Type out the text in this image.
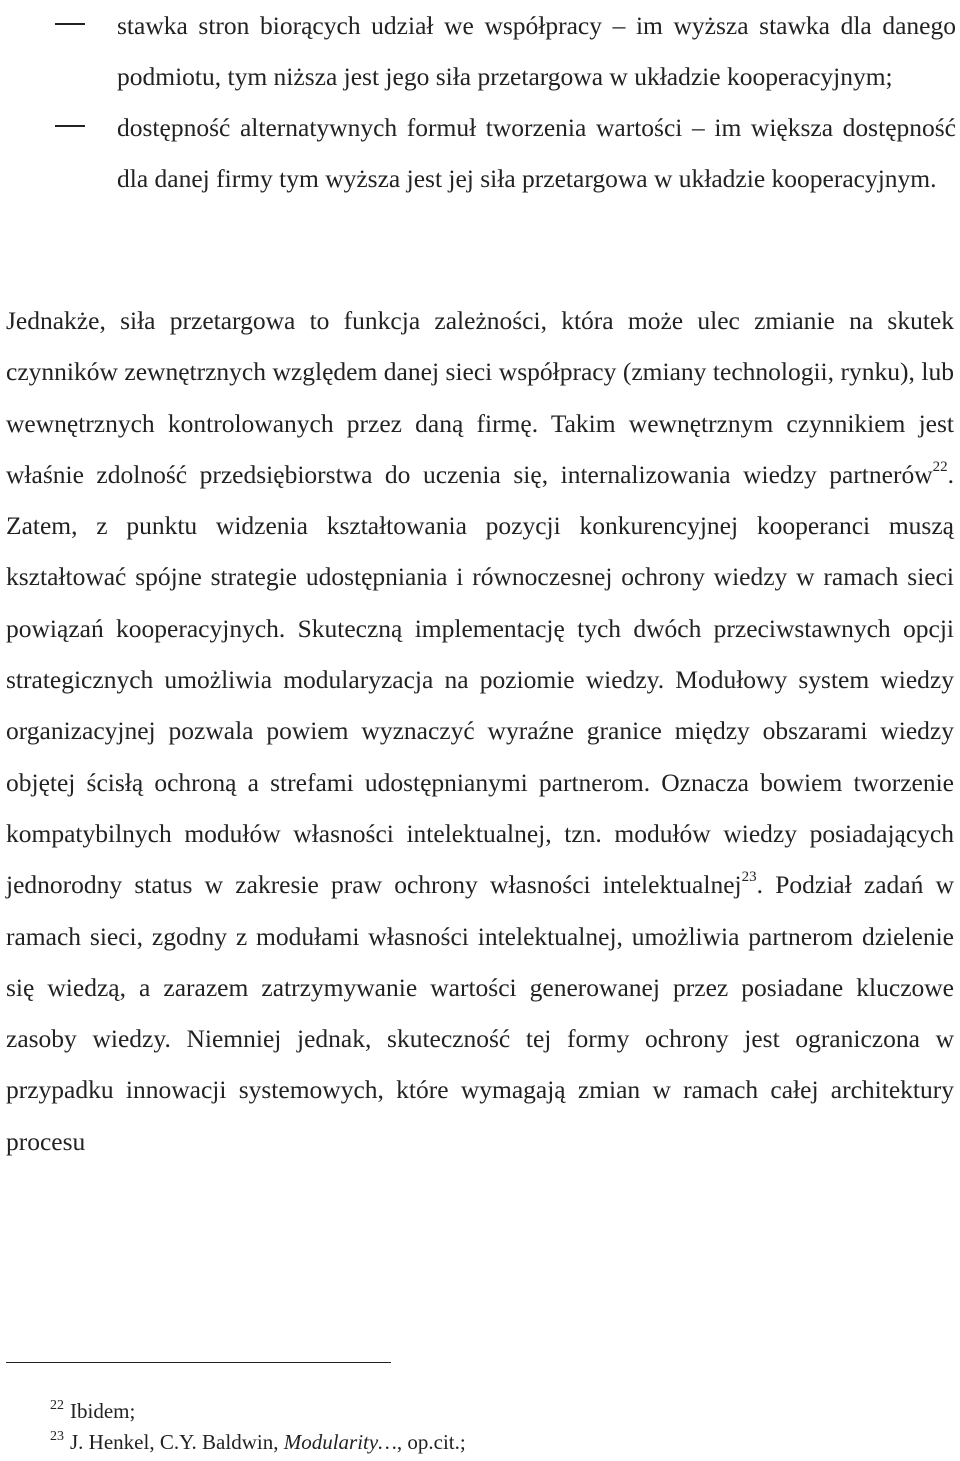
stawka stron biorących udział we współpracy – im wyższa stawka dla danego podmiotu, tym niższa jest jego siła przetargowa w układzie kooperacyjnym;
dostępność alternatywnych formuł tworzenia wartości – im większa dostępność dla danej firmy tym wyższa jest jej siła przetargowa w układzie kooperacyjnym.

Jednakże, siła przetargowa to funkcja zależności, która może ulec zmianie na skutek czynników zewnętrznych względem danej sieci współpracy (zmiany technologii, rynku), lub wewnętrznych kontrolowanych przez daną firmę. Takim wewnętrznym czynnikiem jest właśnie zdolność przedsiębiorstwa do uczenia się, internalizowania wiedzy partnerów$^{22}$. Zatem, z punktu widzenia kształtowania pozycji konkurencyjnej kooperanci muszą kształtować spójne strategie udostępniania i równoczesnej ochrony wiedzy w ramach sieci powiązań kooperacyjnych. Skuteczną implementację tych dwóch przeciwstawnych opcji strategicznych umożliwia modularyzacja na poziomie wiedzy. Modułowy system wiedzy organizacyjnej pozwala powiem wyznaczyć wyraźne granice między obszarami wiedzy objętej ścisłą ochroną a strefami udostępnianymi partnerom. Oznacza bowiem tworzenie kompatybilnych modułów własności intelektualnej, tzn. modułów wiedzy posiadających jednorodny status w zakresie praw ochrony własności intelektualnej$^{23}$. Podział zadań w ramach sieci, zgodny z modułami własności intelektualnej, umożliwia partnerom dzielenie się wiedzą, a zarazem zatrzymywanie wartości generowanej przez posiadane kluczowe zasoby wiedzy. Niemniej jednak, skuteczność tej formy ochrony jest ograniczona w przypadku innowacji systemowych, które wymagają zmian w ramach całej architektury procesu

$^{22}$ Ibidem;
$^{23}$ J. Henkel, C.Y. Baldwin, Modularity…, op.cit.;
